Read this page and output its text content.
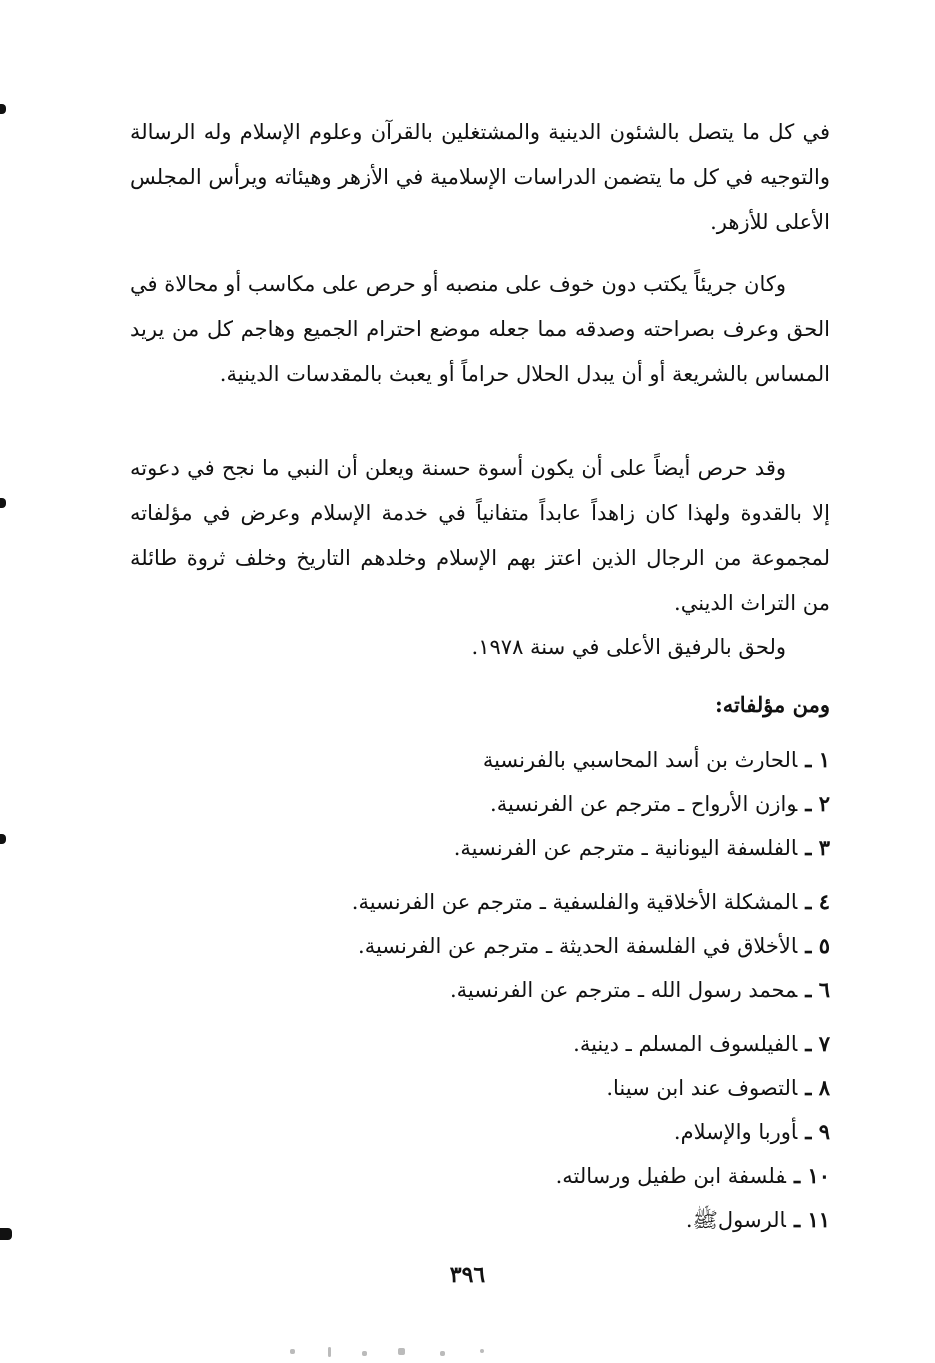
في كل ما يتصل بالشئون الدينية والمشتغلين بالقرآن وعلوم الإسلام وله الرسالة والتوجيه في كل ما يتضمن الدراسات الإسلامية في الأزهر وهيئاته ويرأس المجلس الأعلى للأزهر.
وكان جريئاً يكتب دون خوف على منصبه أو حرص على مكاسب أو محالاة في الحق وعرف بصراحته وصدقه مما جعله موضع احترام الجميع وهاجم كل من يريد المساس بالشريعة أو أن يبدل الحلال حراماً أو يعبث بالمقدسات الدينية.
وقد حرص أيضاً على أن يكون أسوة حسنة ويعلن أن النبي ما نجح في دعوته إلا بالقدوة ولهذا كان زاهداً عابداً متفانياً في خدمة الإسلام وعرض في مؤلفاته لمجموعة من الرجال الذين اعتز بهم الإسلام وخلدهم التاريخ وخلف ثروة طائلة من التراث الديني.
ولحق بالرفيق الأعلى في سنة ١٩٧٨.
ومن مؤلفاته:
١ ـالحارث بن أسد المحاسبي بالفرنسية
٢ ـوازن الأرواح ـ مترجم عن الفرنسية.
٣ ـالفلسفة اليونانية ـ مترجم عن الفرنسية.
٤ ـالمشكلة الأخلاقية والفلسفية ـ مترجم عن الفرنسية.
٥ ـالأخلاق في الفلسفة الحديثة ـ مترجم عن الفرنسية.
٦ ـمحمد رسول الله ـ مترجم عن الفرنسية.
٧ ـالفيلسوف المسلم ـ دينية.
٨ ـالتصوف عند ابن سينا.
٩ ـأوربا والإسلام.
١٠ ـفلسفة ابن طفيل ورسالته.
١١ ـالرسولﷺ.
٣٩٦
